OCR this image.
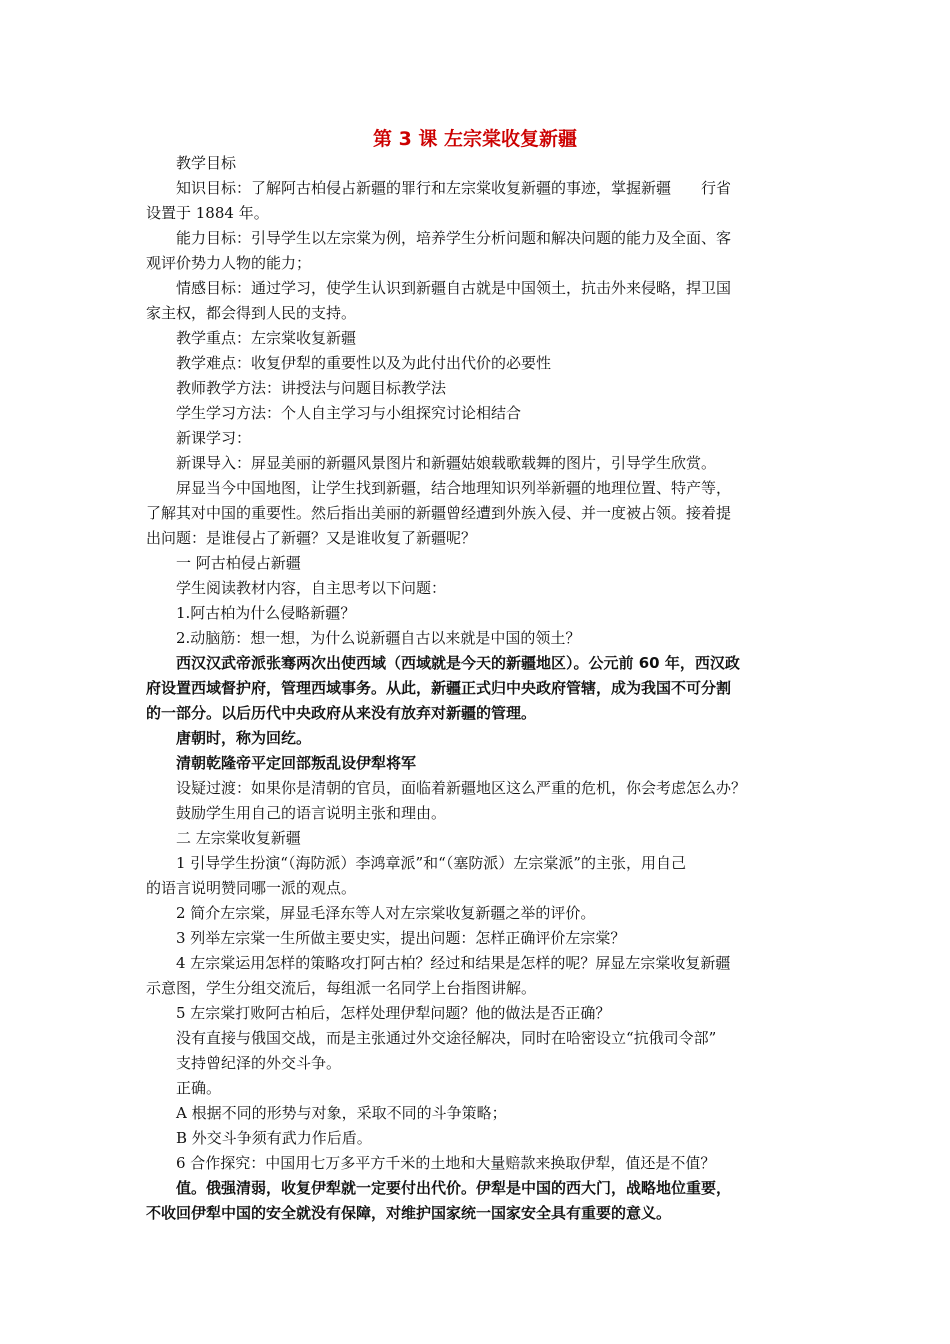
第 3 课 左宗棠收复新疆
教学目标
知识目标：了解阿古柏侵占新疆的罪行和左宗棠收复新疆的事迹，掌握新疆　　行省
设置于 1884 年。
能力目标：引导学生以左宗棠为例，培养学生分析问题和解决问题的能力及全面、客
观评价势力人物的能力；
情感目标：通过学习，使学生认识到新疆自古就是中国领土，抗击外来侵略，捍卫国
家主权，都会得到人民的支持。
教学重点：左宗棠收复新疆
教学难点：收复伊犁的重要性以及为此付出代价的必要性
教师教学方法：讲授法与问题目标教学法
学生学习方法：个人自主学习与小组探究讨论相结合
新课学习：
新课导入：屏显美丽的新疆风景图片和新疆姑娘载歌载舞的图片，引导学生欣赏。
屏显当今中国地图，让学生找到新疆，结合地理知识列举新疆的地理位置、特产等，
了解其对中国的重要性。然后指出美丽的新疆曾经遭到外族入侵、并一度被占领。接着提
出问题：是谁侵占了新疆？又是谁收复了新疆呢？
一 阿古柏侵占新疆
学生阅读教材内容，自主思考以下问题：
1.阿古柏为什么侵略新疆？
2.动脑筋：想一想，为什么说新疆自古以来就是中国的领土？
西汉汉武帝派张骞两次出使西域（西域就是今天的新疆地区）。公元前 60 年，西汉政
府设置西域督护府，管理西域事务。从此，新疆正式归中央政府管辖，成为我国不可分割
的一部分。以后历代中央政府从来没有放弃对新疆的管理。
唐朝时，称为回纥。
清朝乾隆帝平定回部叛乱设伊犁将军
设疑过渡：如果你是清朝的官员，面临着新疆地区这么严重的危机，你会考虑怎么办？
鼓励学生用自己的语言说明主张和理由。
二 左宗棠收复新疆
1 引导学生扮演“（海防派）李鸿章派”和“（塞防派）左宗棠派”的主张，用自己
的语言说明赞同哪一派的观点。
2 简介左宗棠，屏显毛泽东等人对左宗棠收复新疆之举的评价。
3 列举左宗棠一生所做主要史实，提出问题：怎样正确评价左宗棠？
4 左宗棠运用怎样的策略攻打阿古柏？经过和结果是怎样的呢？屏显左宗棠收复新疆
示意图，学生分组交流后，每组派一名同学上台指图讲解。
5 左宗棠打败阿古柏后，怎样处理伊犁问题？他的做法是否正确？
没有直接与俄国交战，而是主张通过外交途径解决，同时在哈密设立“抗俄司令部”
支持曾纪泽的外交斗争。
正确。
A 根据不同的形势与对象，采取不同的斗争策略；
B 外交斗争须有武力作后盾。
6 合作探究：中国用七万多平方千米的土地和大量赔款来换取伊犁，值还是不值？
值。俄强清弱，收复伊犁就一定要付出代价。伊犁是中国的西大门，战略地位重要，
不收回伊犁中国的安全就没有保障，对维护国家统一国家安全具有重要的意义。
